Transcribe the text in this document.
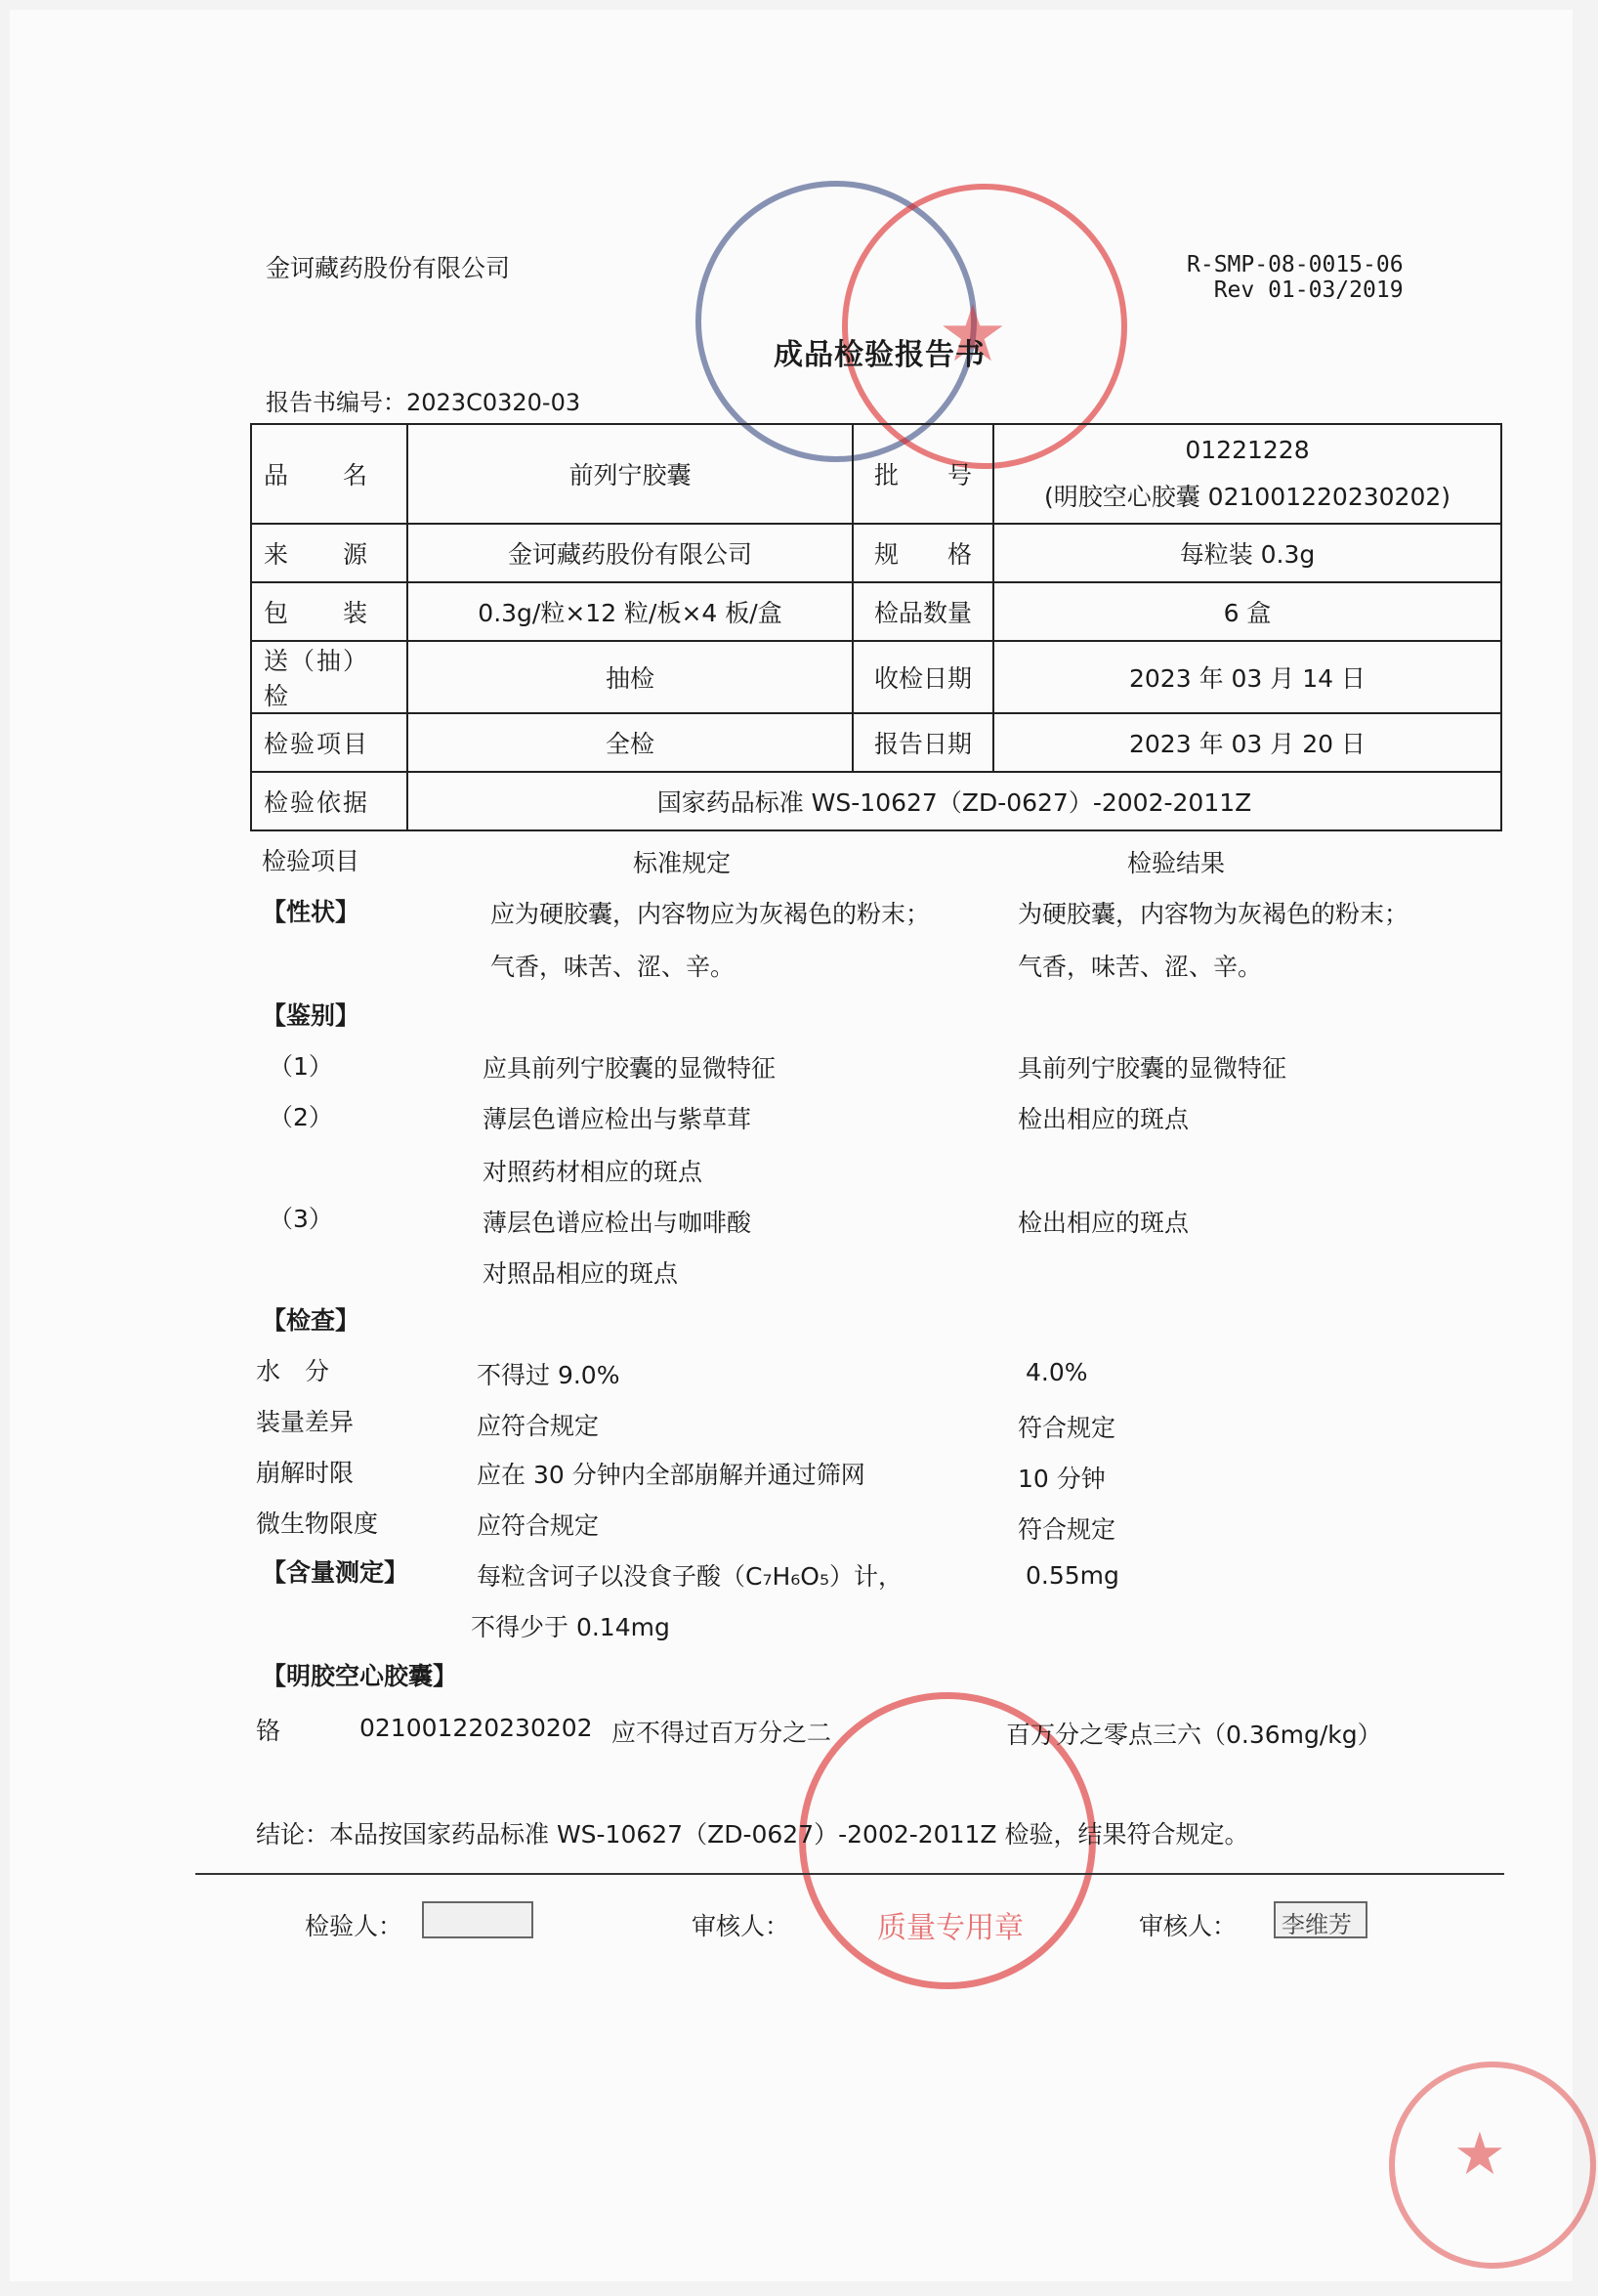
★
质量专用章
★
金诃藏药股份有限公司	R-SMP-08-0015-06
Rev 01-03/2019
成品检验报告书
报告书编号：2023C0320-03
品　　名	前列宁胶囊	批　　号	01221228
(明胶空心胶囊 021001220230202)

来　　源	金诃藏药股份有限公司	规　　格	每粒装 0.3g
包　　装	0.3g/粒×12 粒/板×4 板/盒	检品数量	6 盒
送（抽）检	抽检	收检日期	2023 年 03 月 14 日
检验项目	全检	报告日期	2023 年 03 月 20 日
检验依据	国家药品标准 WS-10627（ZD-0627）-2002-2011Z		
检验项目	标准规定	检验结果
【性状】	应为硬胶囊，内容物应为灰褐色的粉末；
气香，味苦、涩、辛。
为硬胶囊，内容物为灰褐色的粉末；
气香，味苦、涩、辛。
【鉴别】
（1）	应具前列宁胶囊的显微特征	具前列宁胶囊的显微特征
（2）	薄层色谱应检出与紫草茸
对照药材相应的斑点
检出相应的斑点
（3）	薄层色谱应检出与咖啡酸
对照品相应的斑点
检出相应的斑点
【检查】
水　分	不得过 9.0%	4.0%
装量差异	应符合规定	符合规定
崩解时限	应在 30 分钟内全部崩解并通过筛网	10 分钟
微生物限度	应符合规定	符合规定
【含量测定】	每粒含诃子以没食子酸（C₇H₆O₅）计，
不得少于 0.14mg
0.55mg
【明胶空心胶囊】
铬	021001220230202 应不得过百万分之二	百万分之零点三六（0.36mg/kg）
结论：本品按国家药品标准 WS-10627（ZD-0627）-2002-2011Z 检验，结果符合规定。
检验人：	审核人：	审核人： 李维芳
